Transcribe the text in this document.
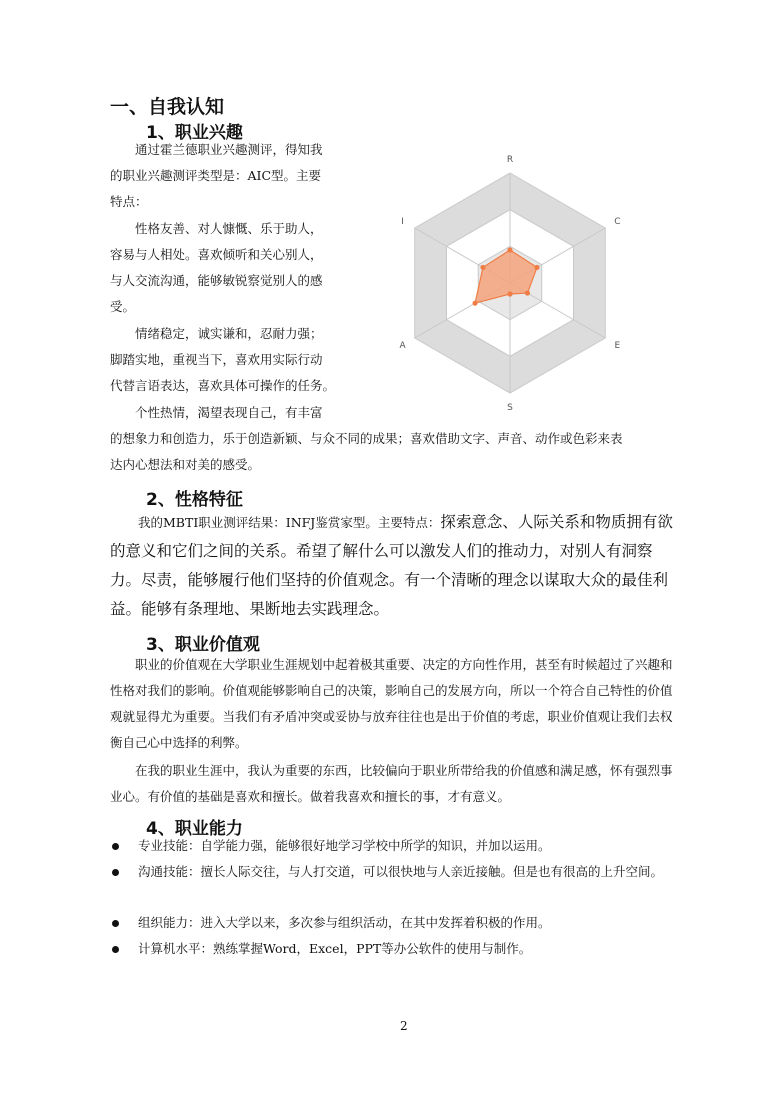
一、自我认知
1、职业兴趣
通过霍兰德职业兴趣测评，得知我
的职业兴趣测评类型是：AIC型。主要
特点：
性格友善、对人慷慨、乐于助人，
容易与人相处。喜欢倾听和关心别人，
与人交流沟通，能够敏锐察觉别人的感
受。
情绪稳定，诚实谦和，忍耐力强；
脚踏实地，重视当下，喜欢用实际行动
代替言语表达，喜欢具体可操作的任务。
个性热情，渴望表现自己，有丰富
的想象力和创造力，乐于创造新颖、与众不同的成果；喜欢借助文字、声音、动作或色彩来表
达内心想法和对美的感受。
R
C
E
S
A
I
2、性格特征
我的MBTI职业测评结果：INFJ鉴赏家型。主要特点：探索意念、人际关系和物质拥有欲的意义和它们之间的关系。希望了解什么可以激发人们的推动力，对别人有洞察力。尽责，能够履行他们坚持的价值观念。有一个清晰的理念以谋取大众的最佳利益。能够有条理地、果断地去实践理念。
3、职业价值观
职业的价值观在大学职业生涯规划中起着极其重要、决定的方向性作用，甚至有时候超过了兴趣和性格对我们的影响。价值观能够影响自己的决策，影响自己的发展方向，所以一个符合自己特性的价值观就显得尤为重要。当我们有矛盾冲突或妥协与放弃往往也是出于价值的考虑，职业价值观让我们去权衡自己心中选择的利弊。
在我的职业生涯中，我认为重要的东西，比较偏向于职业所带给我的价值感和满足感，怀有强烈事业心。有价值的基础是喜欢和擅长。做着我喜欢和擅长的事，才有意义。
4、职业能力
专业技能：自学能力强，能够很好地学习学校中所学的知识，并加以运用。
沟通技能：擅长人际交往，与人打交道，可以很快地与人亲近接触。但是也有很高的上升空间。
组织能力：进入大学以来，多次参与组织活动，在其中发挥着积极的作用。
计算机水平：熟练掌握Word，Excel，PPT等办公软件的使用与制作。
2
